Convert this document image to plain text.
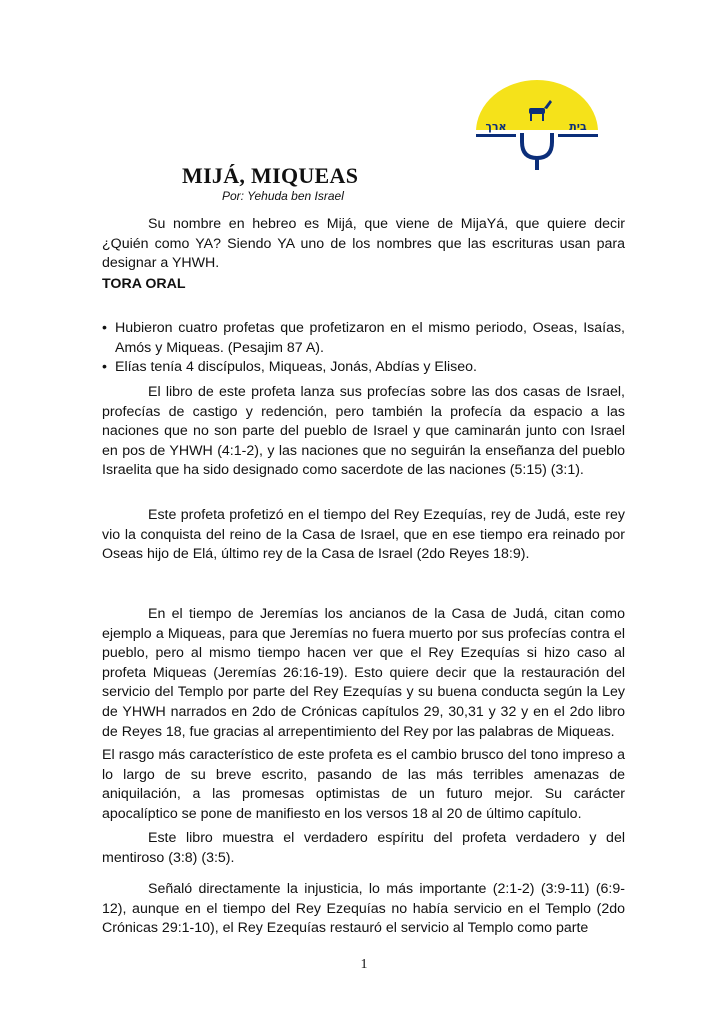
ארך	בית
MIJÁ, MIQUEAS
Por: Yehuda ben Israel

Su nombre en hebreo es Mijá, que viene de MijaYá, que quiere decir ¿Quién como YA? Siendo YA uno de los nombres que las escrituras usan para designar a YHWH.

TORA ORAL

• Hubieron cuatro profetas que profetizaron en el mismo periodo, Oseas, Isaías, Amós y Miqueas. (Pesajim 87 A).
• Elías tenía 4 discípulos, Miqueas, Jonás, Abdías y Eliseo.

El libro de este profeta lanza sus profecías sobre las dos casas de Israel, profecías de castigo y redención, pero también la profecía da espacio a las naciones que no son parte del pueblo de Israel y que caminarán junto con Israel en pos de YHWH (4:1-2), y las naciones que no seguirán la enseñanza del pueblo Israelita que ha sido designado como sacerdote de las naciones (5:15) (3:1).

Este profeta profetizó en el tiempo del Rey Ezequías, rey de Judá, este rey vio la conquista del reino de la Casa de Israel, que en ese tiempo era reinado por Oseas hijo de Elá, último rey de la Casa de Israel (2do Reyes 18:9).

En el tiempo de Jeremías los ancianos de la Casa de Judá, citan como ejemplo a Miqueas, para que Jeremías no fuera muerto por sus profecías contra el pueblo, pero al mismo tiempo hacen ver que el Rey Ezequías si hizo caso al profeta Miqueas (Jeremías 26:16-19). Esto quiere decir que la restauración del servicio del Templo por parte del Rey Ezequías y su buena conducta según la Ley de YHWH narrados en 2do de Crónicas capítulos 29, 30,31 y 32 y en el 2do libro de Reyes 18, fue gracias al arrepentimiento del Rey por las palabras de Miqueas.

El rasgo más característico de este profeta es el cambio brusco del tono impreso a lo largo de su breve escrito, pasando de las más terribles amenazas de aniquilación, a las promesas optimistas de un futuro mejor. Su carácter apocalíptico se pone de manifiesto en los versos 18 al 20 de último capítulo.

Este libro muestra el verdadero espíritu del profeta verdadero y del mentiroso (3:8) (3:5).

Señaló directamente la injusticia, lo más importante (2:1-2) (3:9-11) (6:9-12), aunque en el tiempo del Rey Ezequías no había servicio en el Templo (2do Crónicas 29:1-10), el Rey Ezequías restauró el servicio al Templo como parte

1
